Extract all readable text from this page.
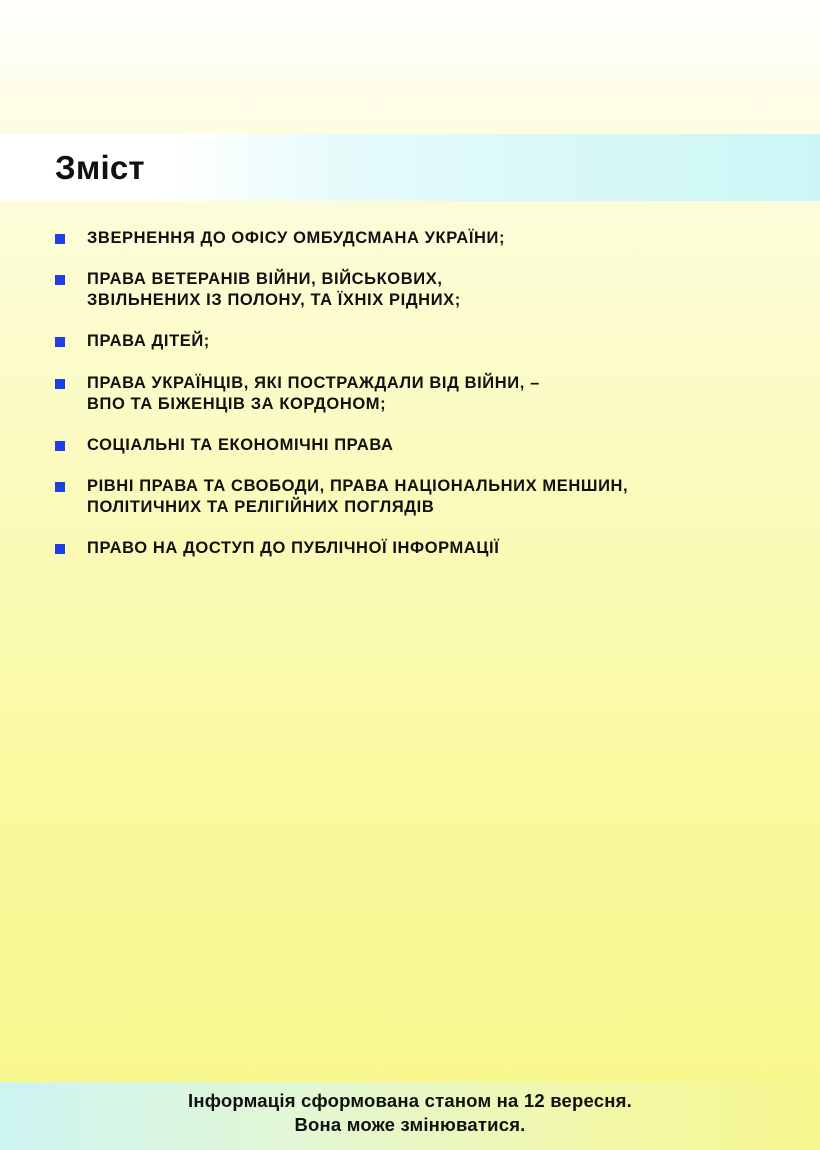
Зміст
ЗВЕРНЕННЯ ДО ОФІСУ ОМБУДСМАНА УКРАЇНИ;
ПРАВА ВЕТЕРАНІВ ВІЙНИ, ВІЙСЬКОВИХ,
ЗВІЛЬНЕНИХ ІЗ ПОЛОНУ, ТА ЇХНІХ РІДНИХ;
ПРАВА ДІТЕЙ;
ПРАВА УКРАЇНЦІВ, ЯКІ ПОСТРАЖДАЛИ ВІД ВІЙНИ, –
ВПО ТА БІЖЕНЦІВ ЗА КОРДОНОМ;
СОЦІАЛЬНІ ТА ЕКОНОМІЧНІ ПРАВА
РІВНІ ПРАВА ТА СВОБОДИ, ПРАВА НАЦІОНАЛЬНИХ МЕНШИН,
ПОЛІТИЧНИХ ТА РЕЛІГІЙНИХ ПОГЛЯДІВ
ПРАВО НА ДОСТУП ДО ПУБЛІЧНОЇ ІНФОРМАЦІЇ
Інформація сформована станом на 12 вересня.
Вона може змінюватися.
